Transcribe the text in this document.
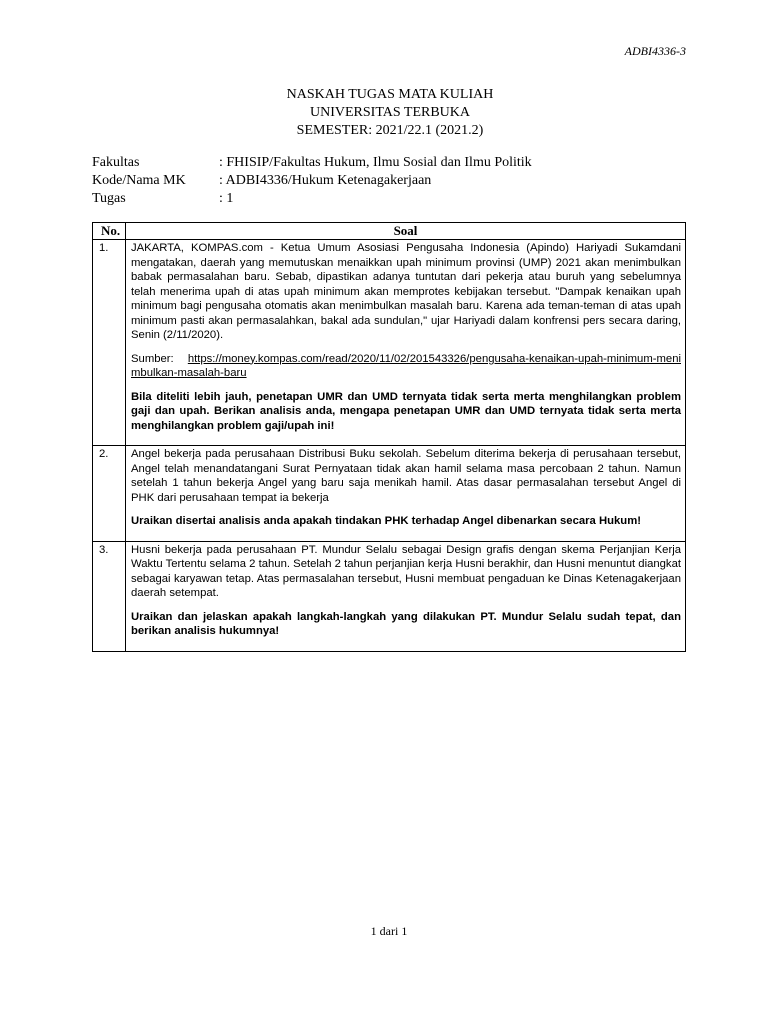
ADBI4336-3
NASKAH TUGAS MATA KULIAH
UNIVERSITAS TERBUKA
SEMESTER: 2021/22.1 (2021.2)
Fakultas	: FHISIP/Fakultas Hukum, Ilmu Sosial dan Ilmu Politik
Kode/Nama MK	: ADBI4336/Hukum Ketenagakerjaan
Tugas	: 1
No.	Soal
1.	JAKARTA, KOMPAS.com - Ketua Umum Asosiasi Pengusaha Indonesia (Apindo) Hariyadi Sukamdani mengatakan, daerah yang memutuskan menaikkan upah minimum provinsi (UMP) 2021 akan menimbulkan babak permasalahan baru. Sebab, dipastikan adanya tuntutan dari pekerja atau buruh yang sebelumnya telah menerima upah di atas upah minimum akan memprotes kebijakan tersebut. "Dampak kenaikan upah minimum bagi pengusaha otomatis akan menimbulkan masalah baru. Karena ada teman-teman di atas upah minimum pasti akan permasalahkan, bakal ada sundulan," ujar Hariyadi dalam konfrensi pers secara daring, Senin (2/11/2020).

Sumber: https://money.kompas.com/read/2020/11/02/201543326/pengusaha-kenaikan-upah-minimum-menimbulkan-masalah-baru

Bila diteliti lebih jauh, penetapan UMR dan UMD ternyata tidak serta merta menghilangkan problem gaji dan upah. Berikan analisis anda, mengapa penetapan UMR dan UMD ternyata tidak serta merta menghilangkan problem gaji/upah ini!

2.	Angel bekerja pada perusahaan Distribusi Buku sekolah. Sebelum diterima bekerja di perusahaan tersebut, Angel telah menandatangani Surat Pernyataan tidak akan hamil selama masa percobaan 2 tahun. Namun setelah 1 tahun bekerja Angel yang baru saja menikah hamil. Atas dasar permasalahan tersebut Angel di PHK dari perusahaan tempat ia bekerja

Uraikan disertai analisis anda apakah tindakan PHK terhadap Angel dibenarkan secara Hukum!

3.	Husni bekerja pada perusahaan PT. Mundur Selalu sebagai Design grafis dengan skema Perjanjian Kerja Waktu Tertentu selama 2 tahun. Setelah 2 tahun perjanjian kerja Husni berakhir, dan Husni menuntut diangkat sebagai karyawan tetap. Atas permasalahan tersebut, Husni membuat pengaduan ke Dinas Ketenagakerjaan daerah setempat.

Uraikan dan jelaskan apakah langkah-langkah yang dilakukan PT. Mundur Selalu sudah tepat, dan berikan analisis hukumnya!

1 dari 1
